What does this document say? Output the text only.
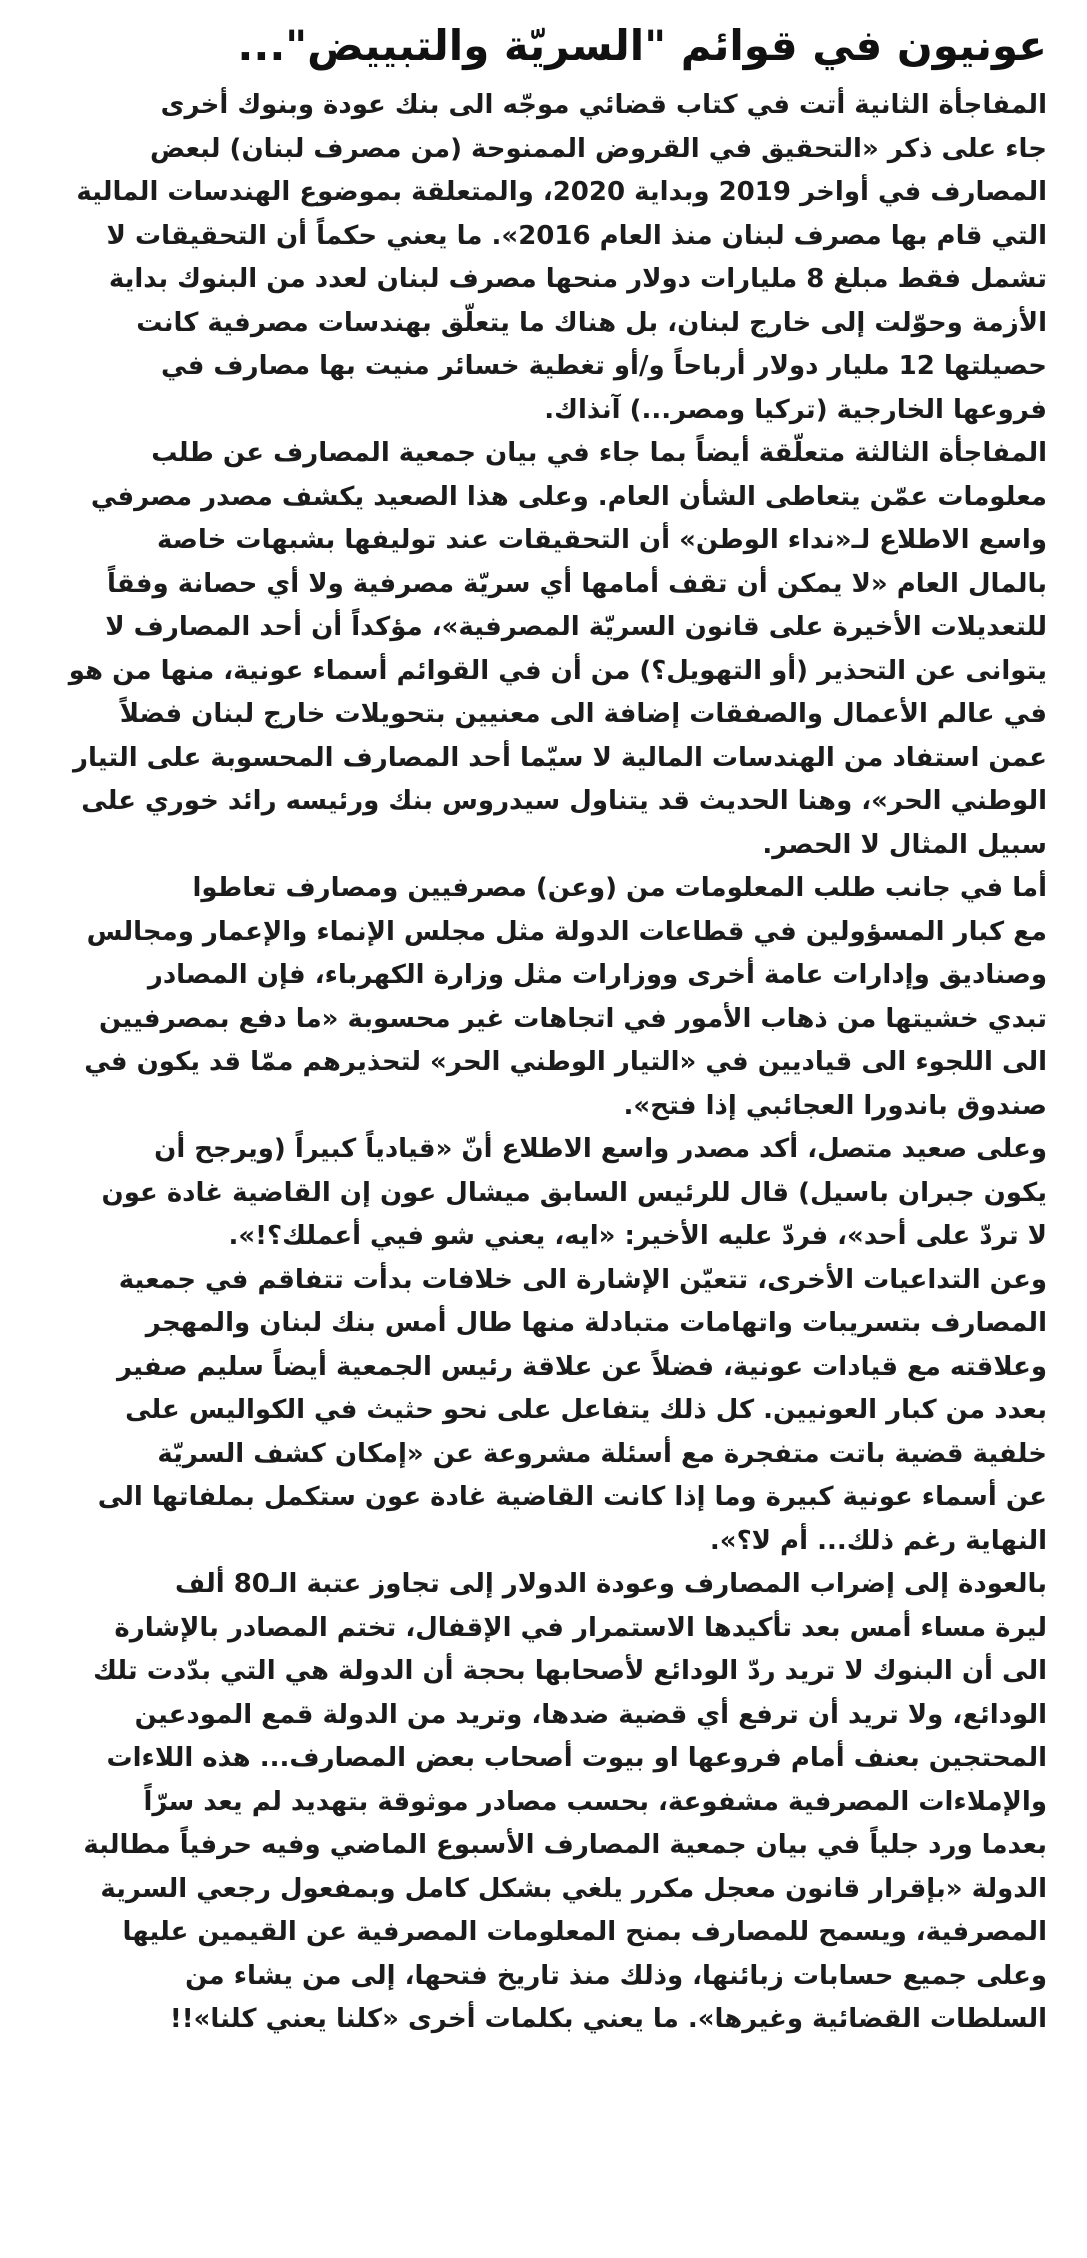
عونيون في قوائم "السريّة والتبييض"...

المفاجأة الثانية أتت في كتاب قضائي موجّه الى بنك عودة وبنوك أخرى
جاء على ذكر «التحقيق في القروض الممنوحة (من مصرف لبنان) لبعض
المصارف في أواخر 2019 وبداية 2020، والمتعلقة بموضوع الهندسات المالية
التي قام بها مصرف لبنان منذ العام 2016». ما يعني حكماً أن التحقيقات لا
تشمل فقط مبلغ 8 مليارات دولار منحها مصرف لبنان لعدد من البنوك بداية
الأزمة وحوّلت إلى خارج لبنان، بل هناك ما يتعلّق بهندسات مصرفية كانت
حصيلتها 12 مليار دولار أرباحاً و/أو تغطية خسائر منيت بها مصارف في
فروعها الخارجية (تركيا ومصر...) آنذاك.

المفاجأة الثالثة متعلّقة أيضاً بما جاء في بيان جمعية المصارف عن طلب
معلومات عمّن يتعاطى الشأن العام. وعلى هذا الصعيد يكشف مصدر مصرفي
واسع الاطلاع لـ«نداء الوطن» أن التحقيقات عند توليفها بشبهات خاصة
بالمال العام «لا يمكن أن تقف أمامها أي سريّة مصرفية ولا أي حصانة وفقاً
للتعديلات الأخيرة على قانون السريّة المصرفية»، مؤكداً أن أحد المصارف لا
يتوانى عن التحذير (أو التهويل؟) من أن في القوائم أسماء عونية، منها من هو
في عالم الأعمال والصفقات إضافة الى معنيين بتحويلات خارج لبنان فضلاً
عمن استفاد من الهندسات المالية لا سيّما أحد المصارف المحسوبة على التيار
الوطني الحر»، وهنا الحديث قد يتناول سيدروس بنك ورئيسه رائد خوري على
سبيل المثال لا الحصر.

أما في جانب طلب المعلومات من (وعن) مصرفيين ومصارف تعاطوا
مع كبار المسؤولين في قطاعات الدولة مثل مجلس الإنماء والإعمار ومجالس
وصناديق وإدارات عامة أخرى ووزارات مثل وزارة الكهرباء، فإن المصادر
تبدي خشيتها من ذهاب الأمور في اتجاهات غير محسوبة «ما دفع بمصرفيين
الى اللجوء الى قياديين في «التيار الوطني الحر» لتحذيرهم ممّا قد يكون في
صندوق باندورا العجائبي إذا فتح».

وعلى صعيد متصل، أكد مصدر واسع الاطلاع أنّ «قيادياً كبيراً (ويرجح أن
يكون جبران باسيل) قال للرئيس السابق ميشال عون إن القاضية غادة عون
لا تردّ على أحد»، فردّ عليه الأخير: «ايه، يعني شو فيي أعملك؟!».

وعن التداعيات الأخرى، تتعيّن الإشارة الى خلافات بدأت تتفاقم في جمعية
المصارف بتسريبات واتهامات متبادلة منها طال أمس بنك لبنان والمهجر
وعلاقته مع قيادات عونية، فضلاً عن علاقة رئيس الجمعية أيضاً سليم صفير
بعدد من كبار العونيين. كل ذلك يتفاعل على نحو حثيث في الكواليس على
خلفية قضية باتت متفجرة مع أسئلة مشروعة عن «إمكان كشف السريّة
عن أسماء عونية كبيرة وما إذا كانت القاضية غادة عون ستكمل بملفاتها الى
النهاية رغم ذلك... أم لا؟».

بالعودة إلى إضراب المصارف وعودة الدولار إلى تجاوز عتبة الـ80 ألف
ليرة مساء أمس بعد تأكيدها الاستمرار في الإقفال، تختم المصادر بالإشارة
الى أن البنوك لا تريد ردّ الودائع لأصحابها بحجة أن الدولة هي التي بدّدت تلك
الودائع، ولا تريد أن ترفع أي قضية ضدها، وتريد من الدولة قمع المودعين
المحتجين بعنف أمام فروعها او بيوت أصحاب بعض المصارف... هذه اللاءات
والإملاءات المصرفية مشفوعة، بحسب مصادر موثوقة بتهديد لم يعد سرّاً
بعدما ورد جلياً في بيان جمعية المصارف الأسبوع الماضي وفيه حرفياً مطالبة
الدولة «بإقرار قانون معجل مكرر يلغي بشكل كامل وبمفعول رجعي السرية
المصرفية، ويسمح للمصارف بمنح المعلومات المصرفية عن القيمين عليها
وعلى جميع حسابات زبائنها، وذلك منذ تاريخ فتحها، إلى من يشاء من
السلطات القضائية وغيرها». ما يعني بكلمات أخرى «كلنا يعني كلنا»!!
